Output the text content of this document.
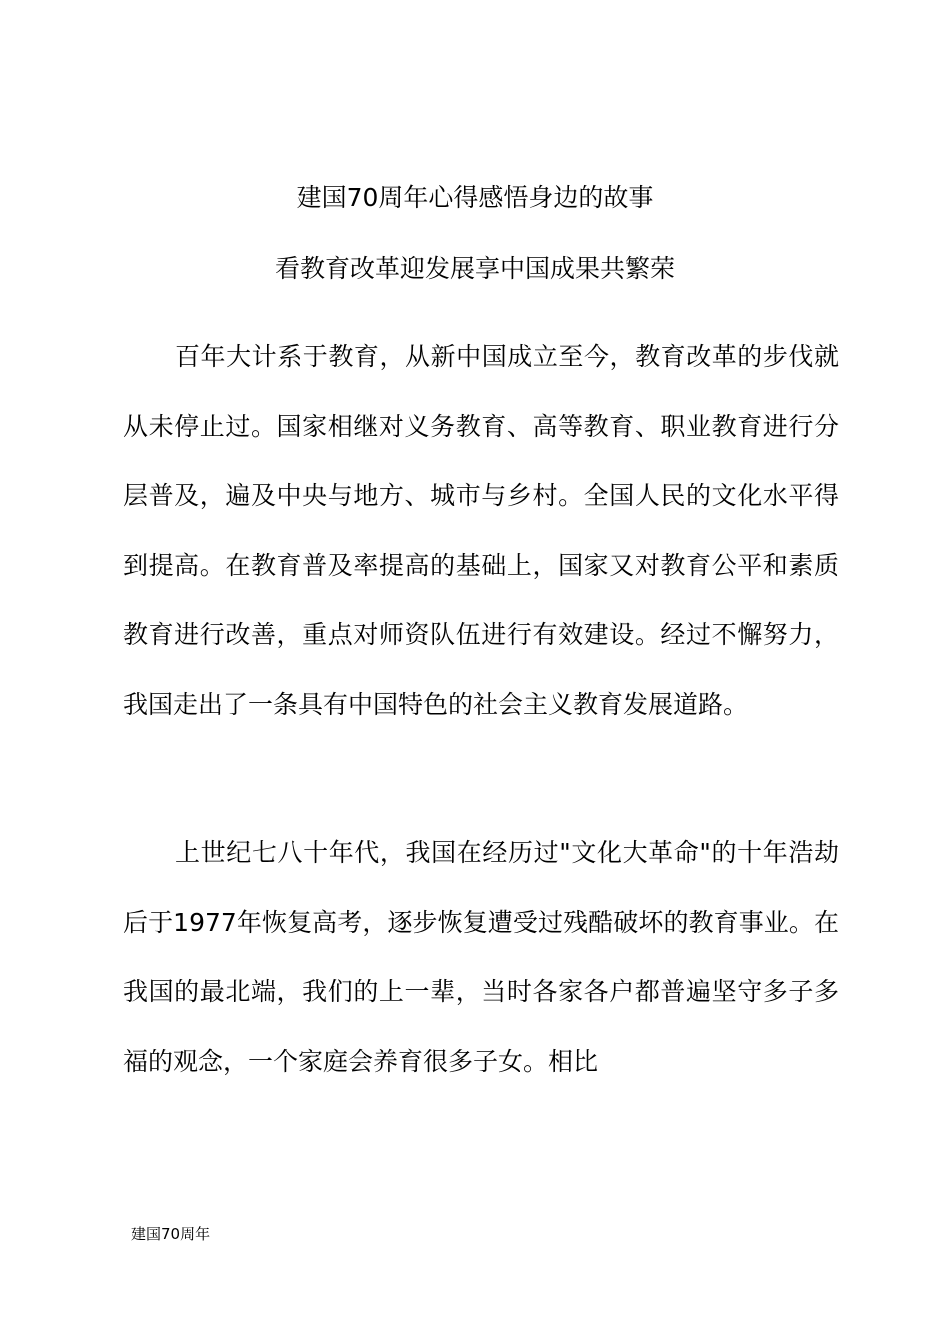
建国70周年心得感悟身边的故事
看教育改革迎发展享中国成果共繁荣

百年大计系于教育，从新中国成立至今，教育改革的步伐就从未停止过。国家相继对义务教育、高等教育、职业教育进行分层普及，遍及中央与地方、城市与乡村。全国人民的文化水平得到提高。在教育普及率提高的基础上，国家又对教育公平和素质教育进行改善，重点对师资队伍进行有效建设。经过不懈努力，我国走出了一条具有中国特色的社会主义教育发展道路。

上世纪七八十年代，我国在经历过"文化大革命"的十年浩劫后于1977年恢复高考，逐步恢复遭受过残酷破坏的教育事业。在我国的最北端，我们的上一辈，当时各家各户都普遍坚守多子多福的观念，一个家庭会养育很多子女。相比

建国70周年
